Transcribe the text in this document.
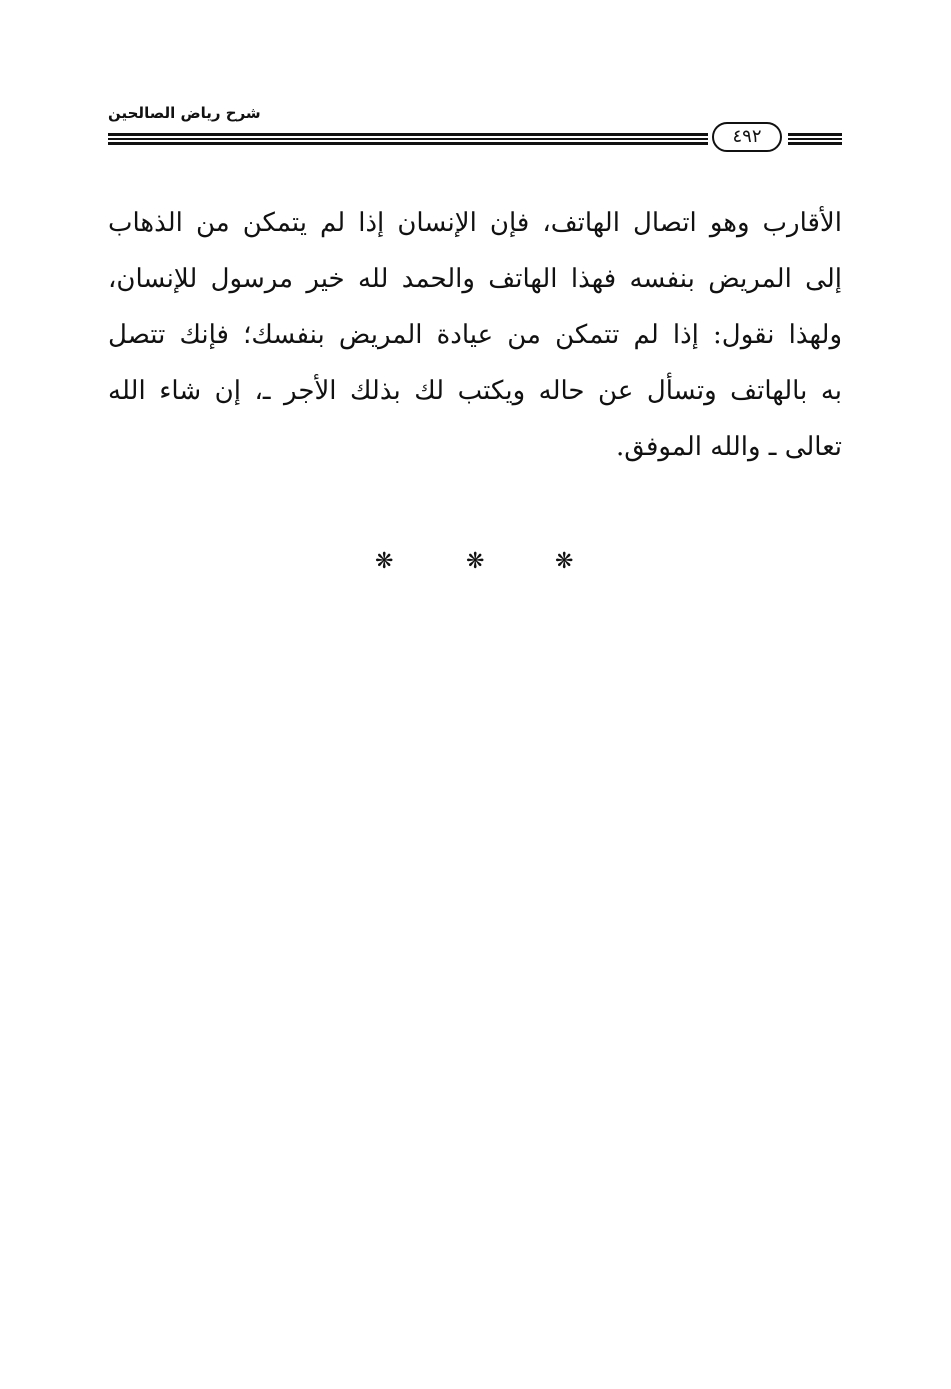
شرح رياض الصالحين
٤٩٢
الأقارب وهو اتصال الهاتف، فإن الإنسان إذا لم يتمكن من الذهاب
إلى المريض بنفسه فهذا الهاتف والحمد لله خير مرسول للإنسان،
ولهذا نقول: إذا لم تتمكن من عيادة المريض بنفسك؛ فإنك تتصل
به بالهاتف وتسأل عن حاله ويكتب لك بذلك الأجر ـ، إن شاء الله
تعالى ـ والله الموفق.
❋
❋
❋
